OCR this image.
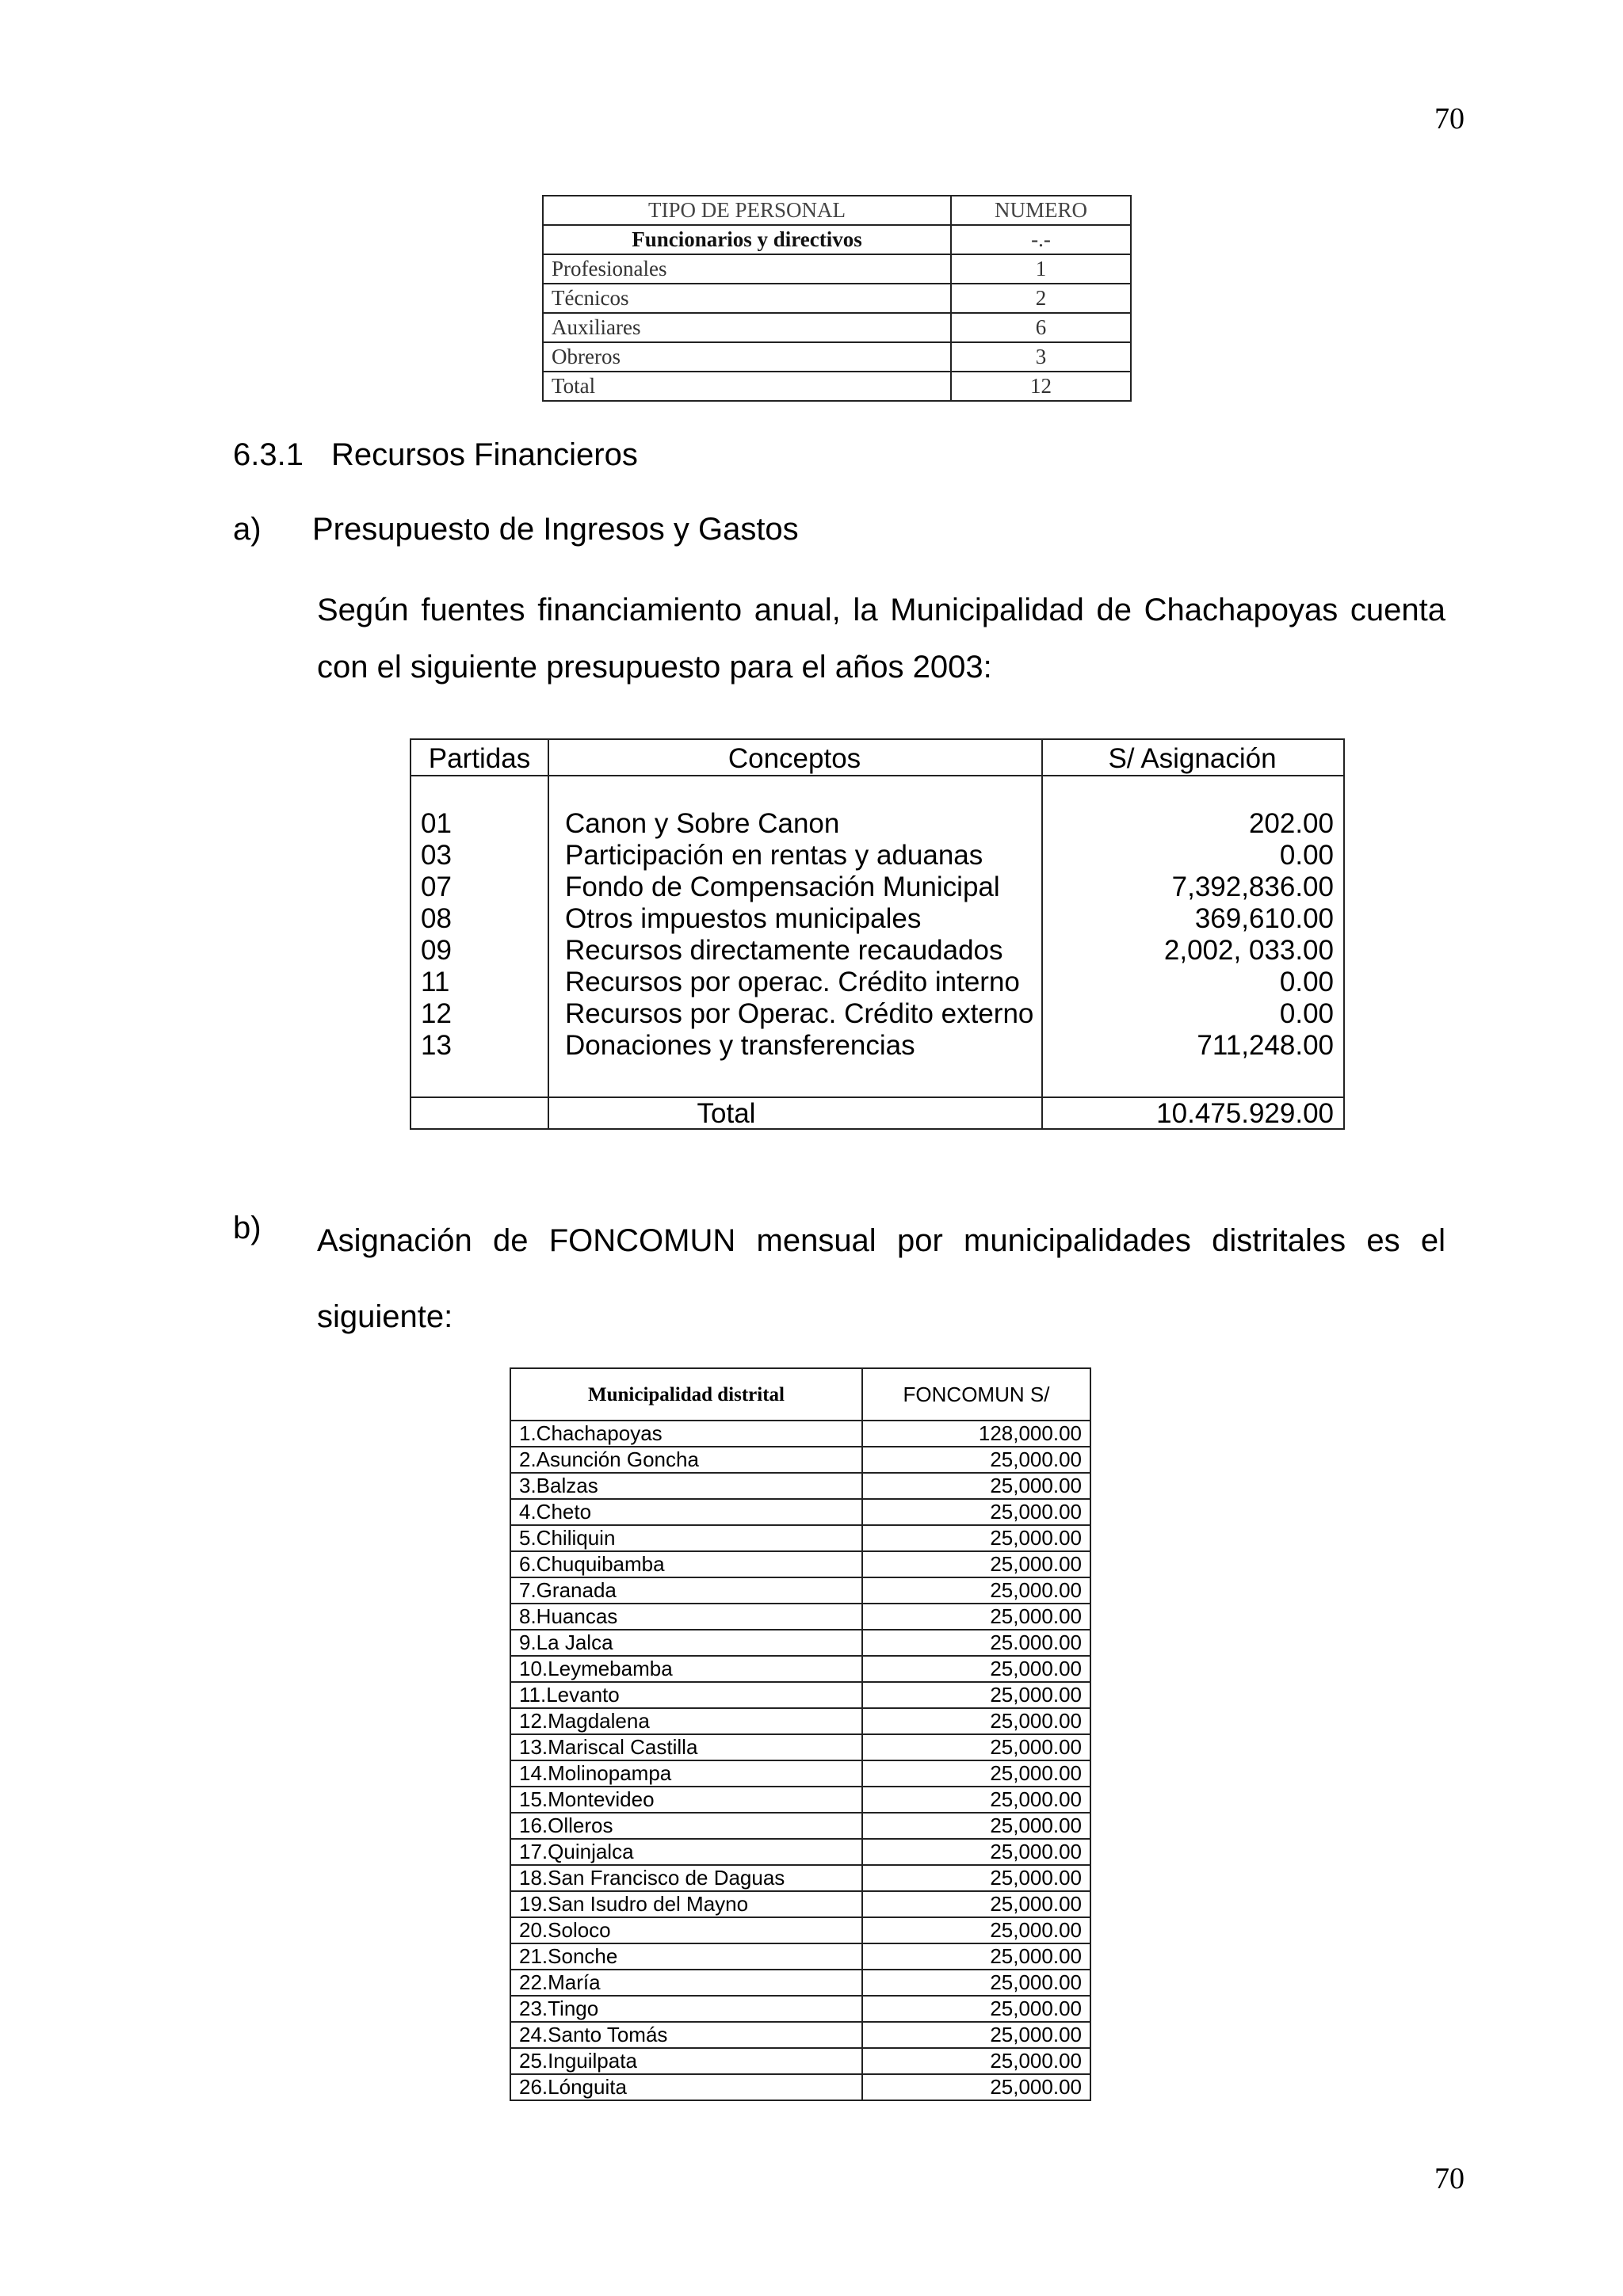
70
TIPO DE PERSONAL	NUMERO
Funcionarios y directivos	-.-
Profesionales	1
Técnicos	2
Auxiliares	6
Obreros	3
Total	12
6.3.1 Recursos Financieros
a) Presupuesto de Ingresos y Gastos
Según fuentes financiamiento anual, la Municipalidad de Chachapoyas cuenta con el siguiente presupuesto para el años 2003:
Partidas	Conceptos	S/ Asignación
01	Canon y Sobre Canon	202.00
03	Participación en rentas y aduanas	0.00
07	Fondo de Compensación Municipal	7,392,836.00
08	Otros impuestos municipales	369,610.00
09	Recursos directamente recaudados	2,002, 033.00
11	Recursos por operac. Crédito interno	0.00
12	Recursos por Operac. Crédito externo	0.00
13	Donaciones y transferencias	711,248.00
Total	10.475.929.00
b) Asignación de FONCOMUN mensual por municipalidades distritales es el siguiente:
Municipalidad distrital	FONCOMUN S/
1.Chachapoyas	128,000.00
2.Asunción Goncha	25,000.00
3.Balzas	25,000.00
4.Cheto	25,000.00
5.Chiliquin	25,000.00
6.Chuquibamba	25,000.00
7.Granada	25,000.00
8.Huancas	25,000.00
9.La Jalca	25.000.00
10.Leymebamba	25,000.00
11.Levanto	25,000.00
12.Magdalena	25,000.00
13.Mariscal Castilla	25,000.00
14.Molinopampa	25,000.00
15.Montevideo	25,000.00
16.Olleros	25,000.00
17.Quinjalca	25,000.00
18.San Francisco de Daguas	25,000.00
19.San Isudro del Mayno	25,000.00
20.Soloco	25,000.00
21.Sonche	25,000.00
22.María	25,000.00
23.Tingo	25,000.00
24.Santo Tomás	25,000.00
25.Inguilpata	25,000.00
26.Lónguita	25,000.00
70
